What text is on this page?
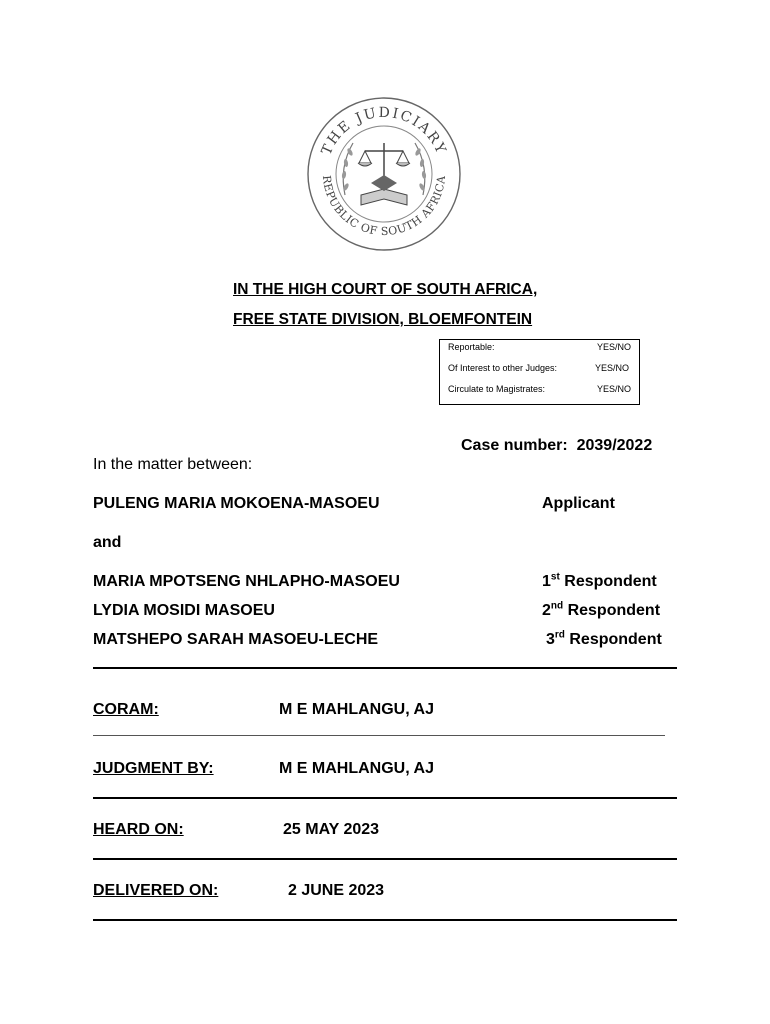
THE JUDICIARY
REPUBLIC OF SOUTH AFRICA
IN THE HIGH COURT OF SOUTH AFRICA,
FREE STATE DIVISION, BLOEMFONTEIN
Reportable:	YES/NO
Of Interest to other Judges:	YES/NO
Circulate to Magistrates:	YES/NO
Case number: 2039/2022
In the matter between:
PULENG MARIA MOKOENA-MASOEU	Applicant
and
MARIA MPOTSENG NHLAPHO-MASOEU	1st Respondent
LYDIA MOSIDI MASOEU	2nd Respondent
MATSHEPO SARAH MASOEU-LECHE	3rd Respondent
CORAM:	M E MAHLANGU, AJ
JUDGMENT BY:	M E MAHLANGU, AJ
HEARD ON:	25 MAY 2023
DELIVERED ON:	2 JUNE 2023
